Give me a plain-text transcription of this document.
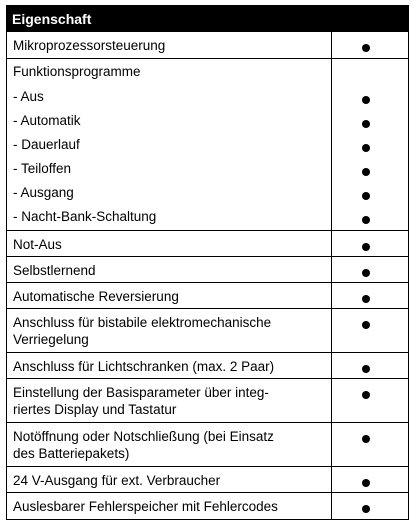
Eigenschaft
Mikroprozessorsteuerung
Funktionsprogramme
- Aus
- Automatik
- Dauerlauf
- Teiloffen
- Ausgang
- Nacht-Bank-Schaltung
Not-Aus
Selbstlernend
Automatische Reversierung
Anschluss für bistabile elektromechanische
Verriegelung
Anschluss für Lichtschranken (max. 2 Paar)
Einstellung der Basisparameter über integ-
riertes Display und Tastatur
Notöffnung oder Notschließung (bei Einsatz
des Batteriepakets)
24 V-Ausgang für ext. Verbraucher
Auslesbarer Fehlerspeicher mit Fehlercodes
